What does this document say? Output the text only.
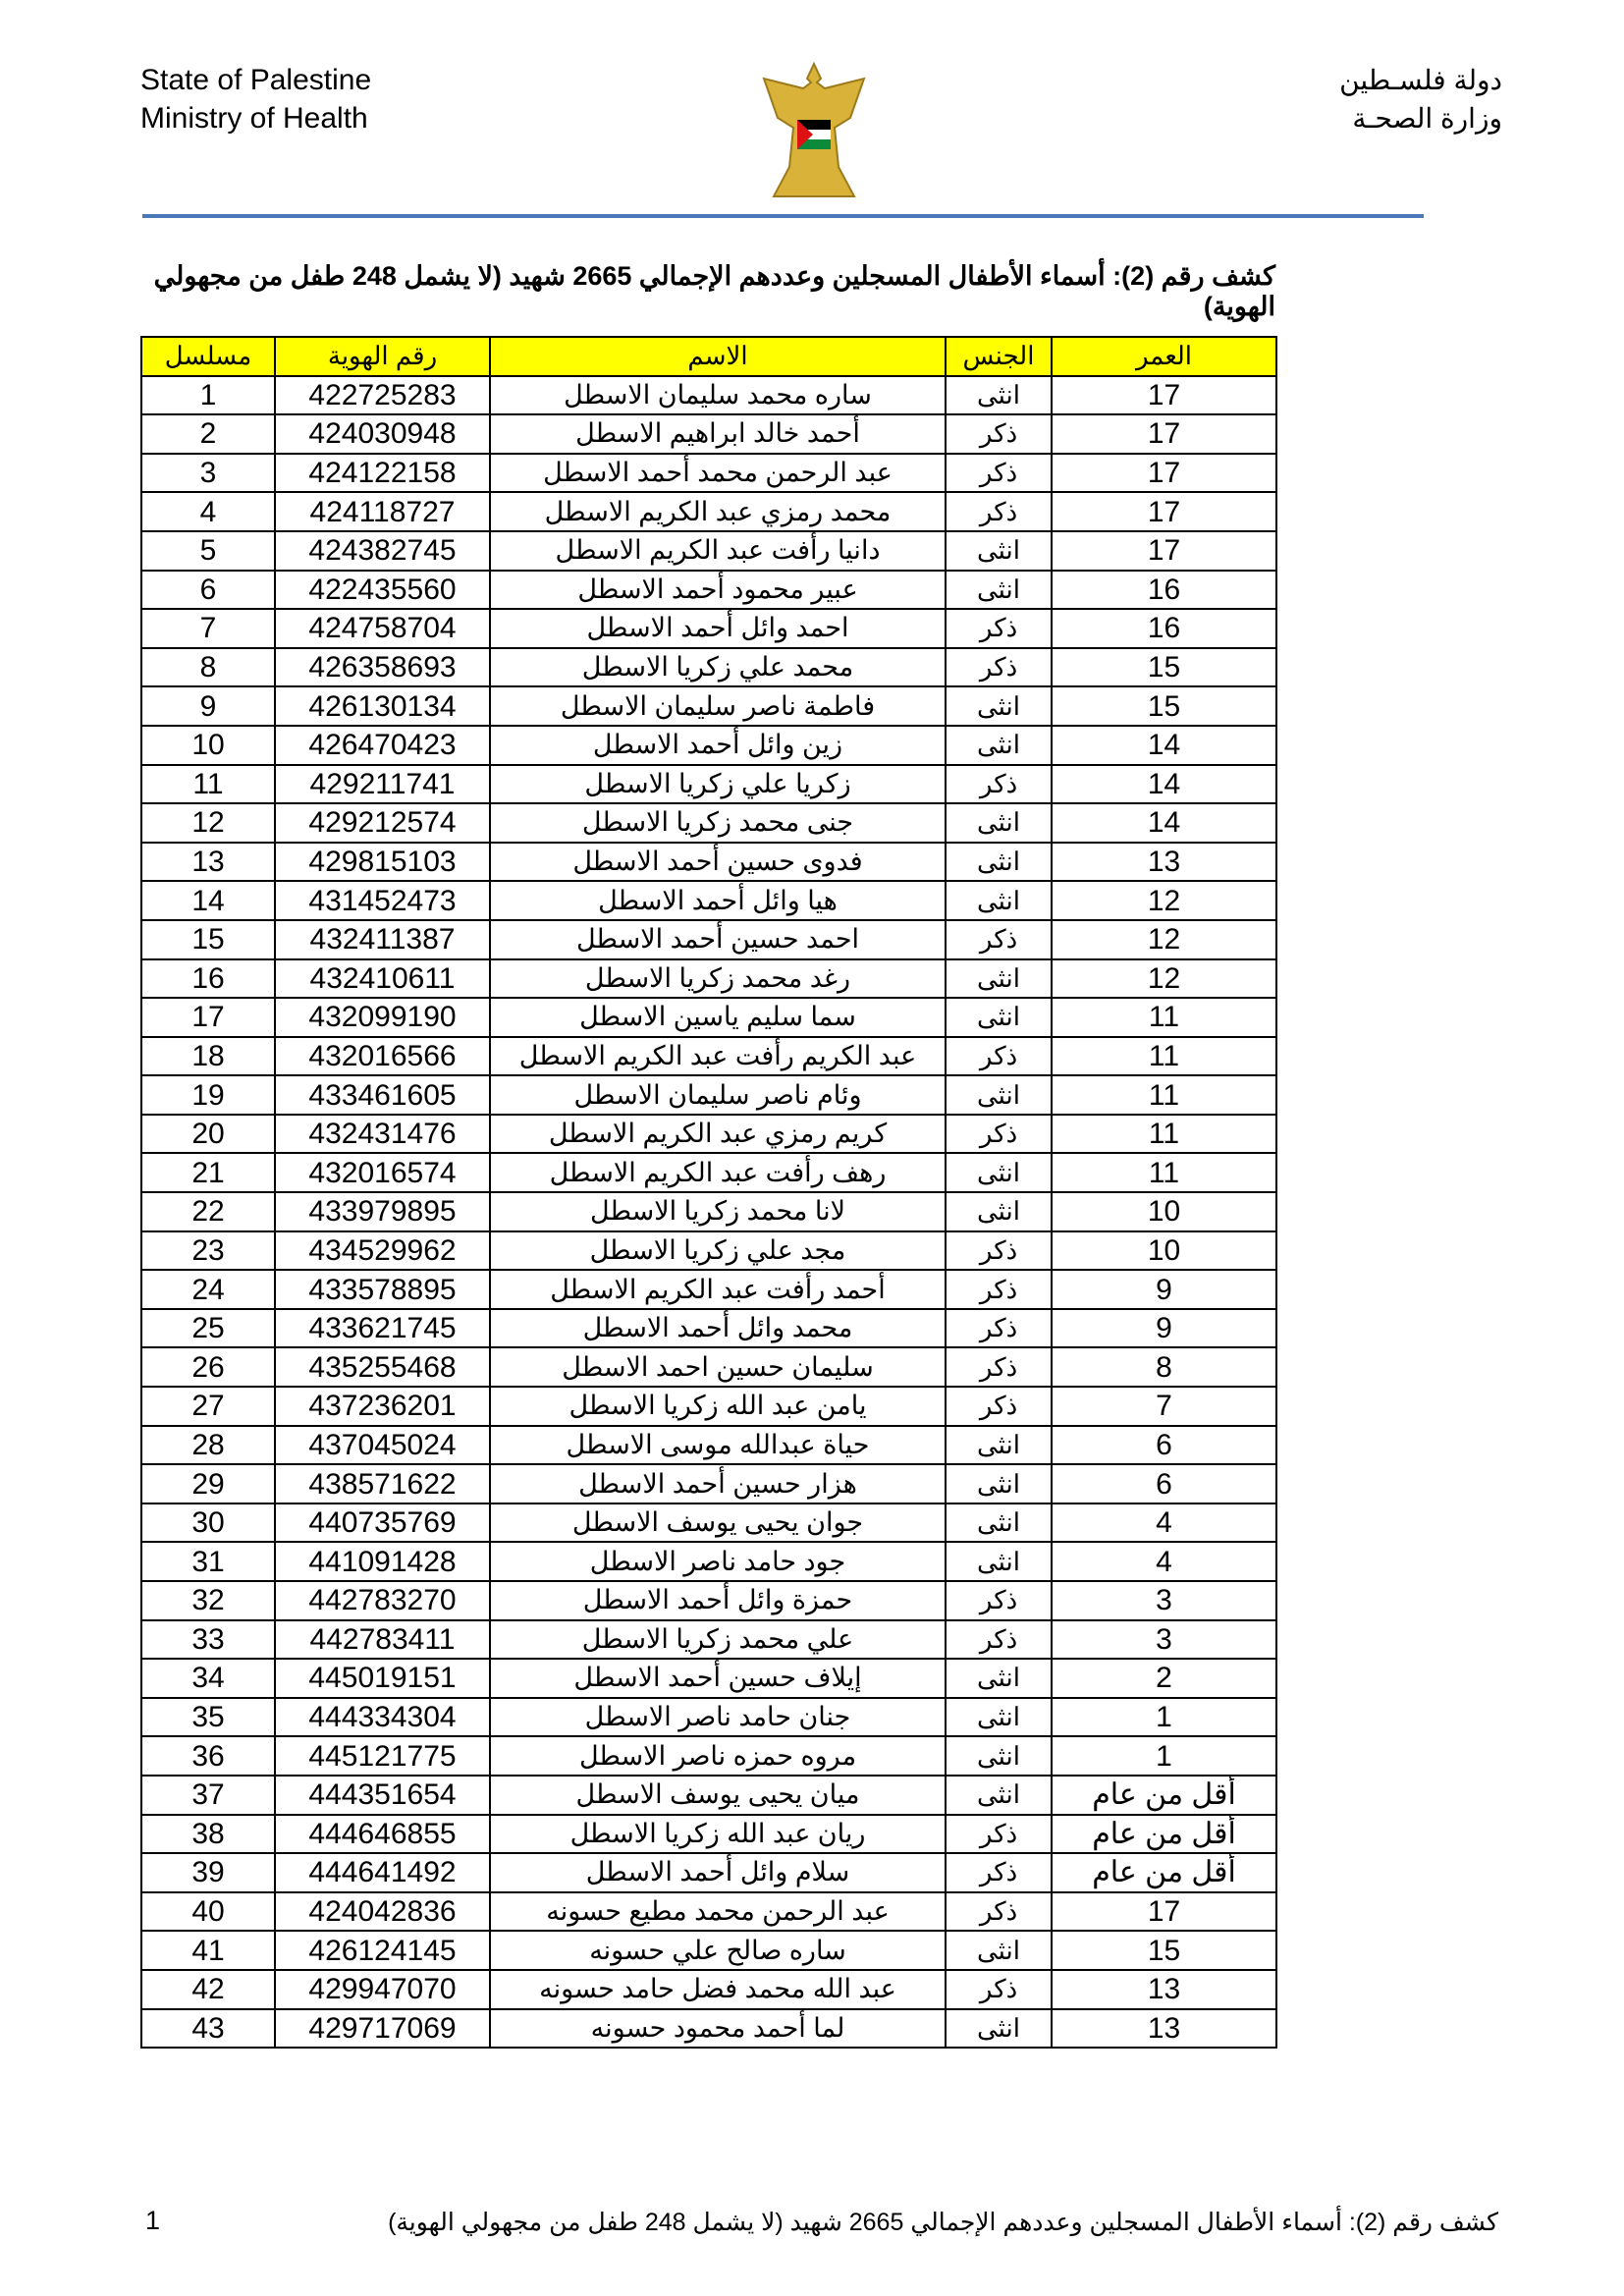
State of Palestine
Ministry of Health
دولة فلسـطين
وزارة الصحـة
كشف رقم (2): أسماء الأطفال المسجلين وعددهم الإجمالي 2665 شهيد (لا يشمل 248 طفل من مجهولي الهوية)
العمر	الجنس	الاسم	رقم الهوية	مسلسل
17	انثى	ساره محمد سليمان الاسطل	422725283	1
17	ذكر	أحمد خالد ابراهيم الاسطل	424030948	2
17	ذكر	عبد الرحمن محمد أحمد الاسطل	424122158	3
17	ذكر	محمد رمزي عبد الكريم الاسطل	424118727	4
17	انثى	دانيا رأفت عبد الكريم الاسطل	424382745	5
16	انثى	عبير محمود أحمد الاسطل	422435560	6
16	ذكر	احمد وائل أحمد الاسطل	424758704	7
15	ذكر	محمد علي زكريا الاسطل	426358693	8
15	انثى	فاطمة ناصر سليمان الاسطل	426130134	9
14	انثى	زين وائل أحمد الاسطل	426470423	10
14	ذكر	زكريا علي زكريا الاسطل	429211741	11
14	انثى	جنى محمد زكريا الاسطل	429212574	12
13	انثى	فدوى حسين أحمد الاسطل	429815103	13
12	انثى	هيا وائل أحمد الاسطل	431452473	14
12	ذكر	احمد حسين أحمد الاسطل	432411387	15
12	انثى	رغد محمد زكريا الاسطل	432410611	16
11	انثى	سما سليم ياسين الاسطل	432099190	17
11	ذكر	عبد الكريم رأفت عبد الكريم الاسطل	432016566	18
11	انثى	وئام ناصر سليمان الاسطل	433461605	19
11	ذكر	كريم رمزي عبد الكريم الاسطل	432431476	20
11	انثى	رهف رأفت عبد الكريم الاسطل	432016574	21
10	انثى	لانا محمد زكريا الاسطل	433979895	22
10	ذكر	مجد علي زكريا الاسطل	434529962	23
9	ذكر	أحمد رأفت عبد الكريم الاسطل	433578895	24
9	ذكر	محمد وائل أحمد الاسطل	433621745	25
8	ذكر	سليمان حسين احمد الاسطل	435255468	26
7	ذكر	يامن عبد الله زكريا الاسطل	437236201	27
6	انثى	حياة عبدالله موسى الاسطل	437045024	28
6	انثى	هزار حسين أحمد الاسطل	438571622	29
4	انثى	جوان يحيى يوسف الاسطل	440735769	30
4	انثى	جود حامد ناصر الاسطل	441091428	31
3	ذكر	حمزة وائل أحمد الاسطل	442783270	32
3	ذكر	علي محمد زكريا الاسطل	442783411	33
2	انثى	إيلاف حسين أحمد الاسطل	445019151	34
1	انثى	جنان حامد ناصر الاسطل	444334304	35
1	انثى	مروه حمزه ناصر الاسطل	445121775	36
أقل من عام	انثى	ميان يحيى يوسف الاسطل	444351654	37
أقل من عام	ذكر	ريان عبد الله زكريا الاسطل	444646855	38
أقل من عام	ذكر	سلام وائل أحمد الاسطل	444641492	39
17	ذكر	عبد الرحمن محمد مطيع حسونه	424042836	40
15	انثى	ساره صالح علي حسونه	426124145	41
13	ذكر	عبد الله محمد فضل حامد حسونه	429947070	42
13	انثى	لما أحمد محمود حسونه	429717069	43
كشف رقم (2): أسماء الأطفال المسجلين وعددهم الإجمالي 2665 شهيد (لا يشمل 248 طفل من مجهولي الهوية)
1
